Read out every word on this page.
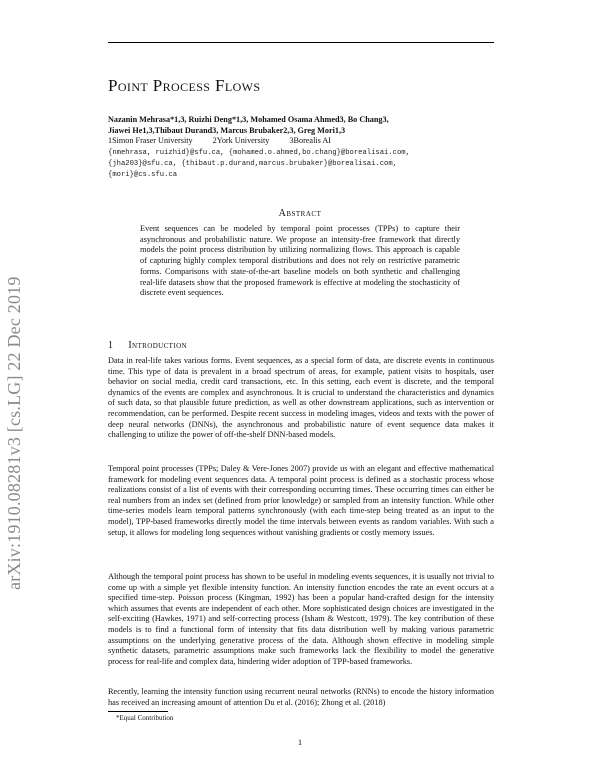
arXiv:1910.08281v3 [cs.LG] 22 Dec 2019
Point Process Flows
Nazanin Mehrasa*1,3, Ruizhi Deng*1,3, Mohamed Osama Ahmed3, Bo Chang3,
Jiawei He1,3,Thibaut Durand3, Marcus Brubaker2,3, Greg Mori1,3
1Simon Fraser University 2York University 3Borealis AI
{nmehrasa, ruizhid}@sfu.ca, {mohamed.o.ahmed,bo.chang}@borealisai.com,
{jha203}@sfu.ca, {thibaut.p.durand,marcus.brubaker}@borealisai.com,
{mori}@cs.sfu.ca
Abstract
Event sequences can be modeled by temporal point processes (TPPs) to capture their asynchronous and probabilistic nature. We propose an intensity-free framework that directly models the point process distribution by utilizing normalizing flows. This approach is capable of capturing highly complex temporal distributions and does not rely on restrictive parametric forms. Comparisons with state-of-the-art baseline models on both synthetic and challenging real-life datasets show that the proposed framework is effective at modeling the stochasticity of discrete event sequences.
1 Introduction
Data in real-life takes various forms. Event sequences, as a special form of data, are discrete events in continuous time. This type of data is prevalent in a broad spectrum of areas, for example, patient visits to hospitals, user behavior on social media, credit card transactions, etc. In this setting, each event is discrete, and the temporal dynamics of the events are complex and asynchronous. It is crucial to understand the characteristics and dynamics of such data, so that plausible future prediction, as well as other downstream applications, such as intervention or recommendation, can be performed. Despite recent success in modeling images, videos and texts with the power of deep neural networks (DNNs), the asynchronous and probabilistic nature of event sequence data makes it challenging to utilize the power of off-the-shelf DNN-based models.
Temporal point processes (TPPs; Daley & Vere-Jones 2007) provide us with an elegant and effective mathematical framework for modeling event sequences data. A temporal point process is defined as a stochastic process whose realizations consist of a list of events with their corresponding occurring times. These occurring times can either be real numbers from an index set (defined from prior knowledge) or sampled from an intensity function. While other time-series models learn temporal patterns synchronously (with each time-step being treated as an input to the model), TPP-based frameworks directly model the time intervals between events as random variables. With such a setup, it allows for modeling long sequences without vanishing gradients or costly memory issues.
Although the temporal point process has shown to be useful in modeling events sequences, it is usually not trivial to come up with a simple yet flexible intensity function. An intensity function encodes the rate an event occurs at a specified time-step. Poisson process (Kingman, 1992) has been a popular hand-crafted design for the intensity which assumes that events are independent of each other. More sophisticated design choices are investigated in the self-exciting (Hawkes, 1971) and self-correcting process (Isham & Westcott, 1979). The key contribution of these models is to find a functional form of intensity that fits data distribution well by making various parametric assumptions on the underlying generative process of the data. Although shown effective in modeling simple synthetic datasets, parametric assumptions make such frameworks lack the flexibility to model the generative process for real-life and complex data, hindering wider adoption of TPP-based frameworks.
Recently, learning the intensity function using recurrent neural networks (RNNs) to encode the history information has received an increasing amount of attention Du et al. (2016); Zhong et al. (2018)
*Equal Contribution
1
